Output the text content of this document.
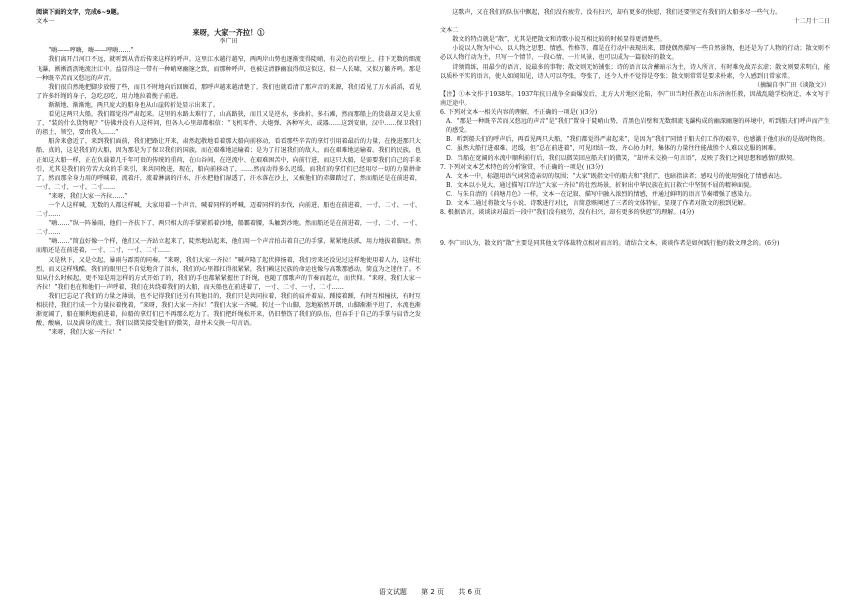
阅读下面的文字，完成6~9题。

文本一

来呀，大家一齐拉！①

李广田

“嗨——哼嗨，嗨——哼嗨……”

我们离开吕河口不远，就听到从背后传来这样的呼声。这里江水越行越窄，两两岸山势也逐渐变得陡峭，有灵色的岩壁上，挂下无数的细流飞瀑，淅淅沥沥地流注江中。益显得这一带有一种峭寒幽邃之致，而那种呼声，也被这清静幽寂得似这似这，似一人长啸，又似万籁齐鸣。那是一种既辛苦而又悠远的声音。

我们很自然地把脚步放慢了些，而且不时地向后回顾看，那呼声越来越清楚了，我们也就看清了那声音的来源，我们看见了万水滔滔，看见了许多纤绳的身子，急吃忍吃，用力地拉着挽子前进。

渐渐地、渐渐地，两只庞大的船身也从山崖转折处显示出来了。

看见这两只大船，我们都觉得严肃起来。这里的水路太难行了，山高路狭，而且又是逆水，多曲折、多石滩，然而那船上的货载却又是太重了，“装的什么货物呢？”彷佛并没有人这样问，但各人心里却都相信：“飞机零件、大炮弹、各种军火、或器……这到安康，汉中……保卫我们的祖土，领空，要由我人……”

船舍来愈近了，来到我们面前，我们把路让开来，肃然起敬地看着那大船向前移动，看看那些辛苦的拿灯引用着最后的力量，在挽进那只大船，真的，这是我们的大船，因为那是为了保卫我们的国族，而在艰难地运输着；是为了打退我们的敌人，而在艰难地运输着。我们的民族，也正如这大船一样，正在负载着几千年可贵的传统的重荷，在山谷间、在逆流中、在艰难困苦中，向前行进，而这只大船，是需要我们自己的手来引，尤其是我们的劳苦大众的手来引，来共同挽进，现在，船向前移动了，……然而动得多么迟缓，而我们的拿灯们已经用尽一切的力量拼命了，然而那全身力用的呼喊着，流着汗，流着淋漓的汗水，汗水把他们湿透了，汗水落在沙上，又被他们的赤脚踏过了，然而船还是在前进着，一寸、二寸、一寸、二寸……

“来呀，我们大家一齐拉……”

一个人这样喊，无数的人都这样喊，大家用着一个声音，喊着同样的呼喊，迈着同样的步伐，向前进，船也在前进着，一寸、二寸、一寸、二寸……

“嗨……”纵一阵暴雨，他们一齐扶下了，两只相大的手掌紧抓着沙地，船霸着腰，头触到沙地。然而船还是在前进着，一寸、二寸、一寸、二寸……

“嗨……”简直好像一个样，他们又一齐站立起来了，陡然地站起来，他们用一个声音拍击着自己的手掌，紧紧地扶抓，用力地拔着脚底。然而船还是在前进着，一寸、二寸、一寸、二寸……

又是秋下，又是立起，暴雨与霹雳的同奏。“来呀，我们大家一齐拉！”喊声隆了起伏抑扬着，我们旁来还没见过这样地使用着人力，这样壮烈，而又这样残酷，我们的眼里已不自觉地含了泪水，我们的心里都扛得很紧紧，我们赖这民族的命运也像与高歌那感动，简直为之迷住了。不知从什么时候起，更不知是用怎样的方式开始了的，我们的手也都紧紧握住了纤绳，也随了那歌声的节奏而起立，而伏仰。“来呀，我们大家一齐拉！”我们也在和他们一声呼着，我们在共绕着我们的大船，而天船也在前进着了，一寸、二寸、一寸、二寸……

我们已忘记了我们的力量之薄弱，也不记得我们还另有其他目的，我们只是共同拉着，我们的肩并着肩，踵接着踵，有时互相撞扶，有时互相扶持，我们行成一个力量拉着挽着，“来呀，我们大家一齐拉！”我们大家一齐喊。转过一个山脚，忽地豁然开朗，山脚渐渐平坦了，水流也渐渐宽阔了，船在顺利地前进着，拉船的拿灯们已不再那么吃力了。我们把纤绳松开来，仍旧整饬了我们的队伍，但吞手于自己的手掌与肩背之发酸、酸痛，以及满身的流土，我们以微笑接受他们的微笑，却并未交换一句言语。

“来呀，我们大家一齐拉！”

这歌声，又在我们的队伍中飘起，我们没有疲劳，没有扫兴，却有更多的快慰，我们还要坚定有我们的大船多尽一些气力。

十二月十二日

文本二

散文的特点就是“散”，尤其是把散文和诗歌小说互相比较的时候显得更清楚些。

小说以人物为中心，以人物之思想、情感、性格等，都是在行动中表现出来，即使偶然描写一些自然景物，也还是为了人物的行动；散文则不必以人物行动为主，只写一个情节、一段心情、一片风景，也可以成为一篇很好的散文。

诗须简练，用最少的语言，说最多的事物；散文则无妨铺张；诗的语言以含蓄暗示为主，诗人所言，有时难免故弄玄虚；散文则要求明白，能以质朴平实的语言，使人如闻知见，诗人可以夸张，夸张了，还令人并不觉得是夸张；散文则常常是要求朴素，令人感到日常家常。

（摘编自李广田《谈散文》）

【注】①本文作于1938年。1937年抗日战争全面爆发后，北方大片地区沦陷，李广田当时任教在山东济南任教，因战乱随学校南迁，本文写于南迁途中。

6. 下列对文本一相关内容的理解，不正确的一项是( )(3分)

A．“那是一种既辛苦而又悠远的声音”是“我们”置身于陡峭山势，青黑色岩壁和无数细流飞瀑构成的幽深幽邃的环境中，听到船夫们呼声而产生的感受。

B．听到船夫们的呼声后，再看见两只大船，“我们都觉得严肃起来”，是因为“我们”同情于船夫们工作的艰辛，也感激于他们拉的是战时物资。

C．虽然大船行进艰难、迟缓，但“总在前进着”，可见团结一致、齐心协力时，集体的力量往往能战胜个人难以克服的困难。

D．当船在宽阔的水流中顺利前行后，我们以微笑回应船夫们的微笑，“却并未交换一句言语”，反映了我们之间思想和感情的默契。

7. 下列对文本艺术特色的分析鉴赏，不正确的一项是( )(3分)

A．文本一中，标题用语气词营造亲切的氛围；“大家”既指文中的船夫和“我们”，也暗指读者；感叹号的使用强化了情感表达。

B．文本以小见大，通过描写江岸边“大家一齐拉”的壮烈场景，折射出中华民族在抗日救亡中坚韧不屈的精神面貌。

C．与朱自清的《荷塘月色》一样，文本一在记叙、描写中融入浓烈的情感，并通过鲜明的语言节奏增强了感染力。

D．文本二通过将散文与小说、诗歌进行对比，言简意赅阐述了三者的文体特征，显现了作者对散文的独到见解。

8. 根据语言，谈谈读对最后一段中“我们没有疲劳，没有扫兴，却有更多的快慰”的理解。(4分)

9. 李广田认为，散文的“散”主要是同其他文学体裁特点相对而言的。请结合文本，谈谈作者是如何践行他的散文理念的。(6分)

语文试题 第 2 页 共 6 页
